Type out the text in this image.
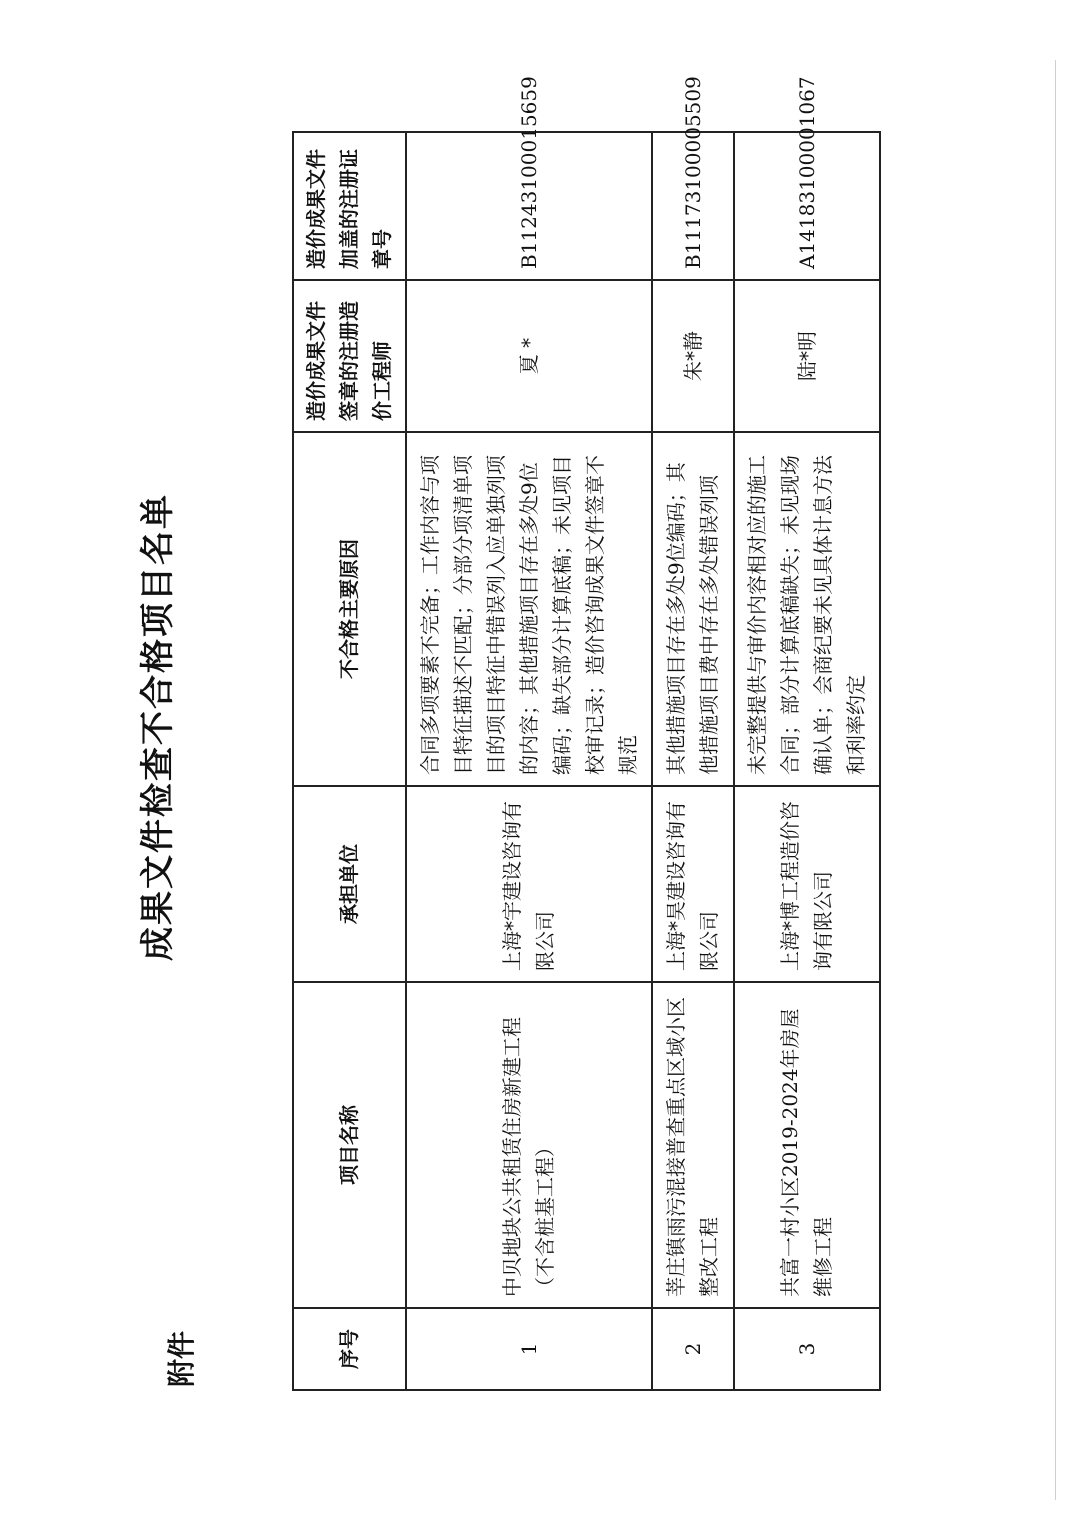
附件
成果文件检查不合格项目名单
序号	项目名称	承担单位	不合格主要原因	造价成果文件签章的注册造价工程师	造价成果文件加盖的注册证章号
1	中贝地块公共租赁住房新建工程（不含桩基工程）	上海*宇建设咨询有限公司	合同多项要素不完备；工作内容与项目特征描述不匹配；分部分项清单项目的项目特征中错误列入应单独列项的内容；其他措施项目存在多处9位编码；缺失部分计算底稿；未见项目校审记录；造价咨询成果文件签章不规范	夏 *	B11243100015659
2	莘庄镇雨污混接普查重点区域小区整改工程	上海*昊建设咨询有限公司	其他措施项目存在多处9位编码；其他措施项目费中存在多处错误列项	朱*静	B11173100005509
3	共富一村小区2019-2024年房屋维修工程	上海*博工程造价咨询有限公司	未完整提供与审价内容相对应的施工合同；部分计算底稿缺失；未见现场确认单；会商纪要未见具体计息方法和利率约定	陆*明	A14183100001067
